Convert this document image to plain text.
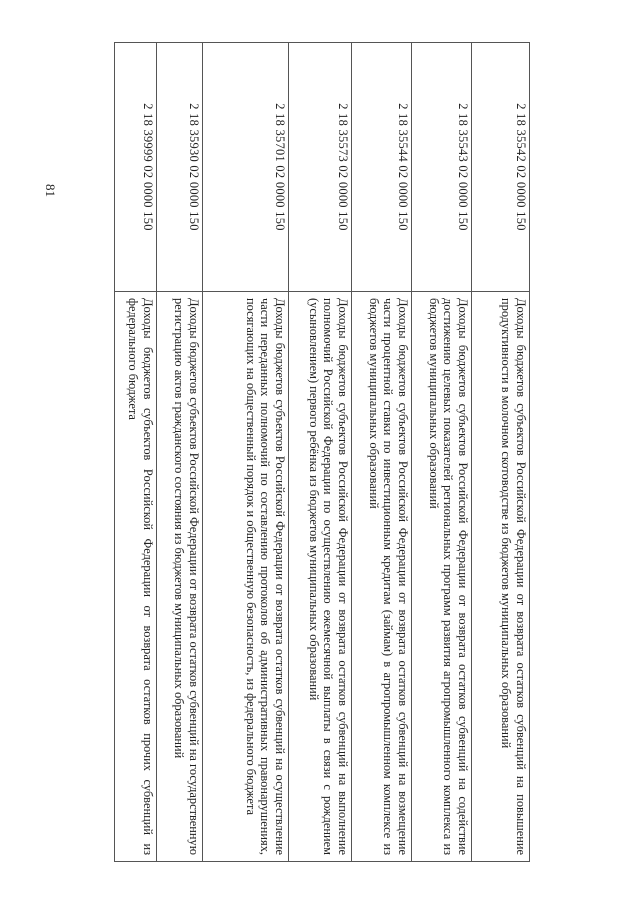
81	2 18 35542 02 0000 150	Доходы бюджетов субъектов Российской Федерации от возврата остатков субвенций на повышение продуктивности в молочном скотоводстве из бюджетов муниципальных образований
2 18 35543 02 0000 150	Доходы бюджетов субъектов Российской Федерации от возврата остатков субвенций на содействие достижению целевых показателей региональных программ развития агропромышленного комплекса из бюджетов муниципальных образований
2 18 35544 02 0000 150	Доходы бюджетов субъектов Российской Федерации от возврата остатков субвенций на возмещение части процентной ставки по инвестиционным кредитам (займам) в агропромышленном комплексе из бюджетов муниципальных образований
2 18 35573 02 0000 150	Доходы бюджетов субъектов Российской Федерации от возврата остатков субвенций на выполнение полномочий Российской Федерации по осуществлению ежемесячной выплаты в связи с рождением (усыновлением) первого ребёнка из бюджетов муниципальных образований
2 18 35701 02 0000 150	Доходы бюджетов субъектов Российской Федерации от возврата остатков субвенций на осуществление части переданных полномочий по составлению протоколов об административных правонарушениях, посягающих на общественный порядок и общественную безопасность, из федерального бюджета
2 18 35930 02 0000 150	Доходы бюджетов субъектов Российской Федерации от возврата остатков субвенций на государственную регистрацию актов гражданского состояния из бюджетов муниципальных образований
2 18 39999 02 0000 150	Доходы бюджетов субъектов Российской Федерации от возврата остатков прочих субвенций из федерального бюджета
